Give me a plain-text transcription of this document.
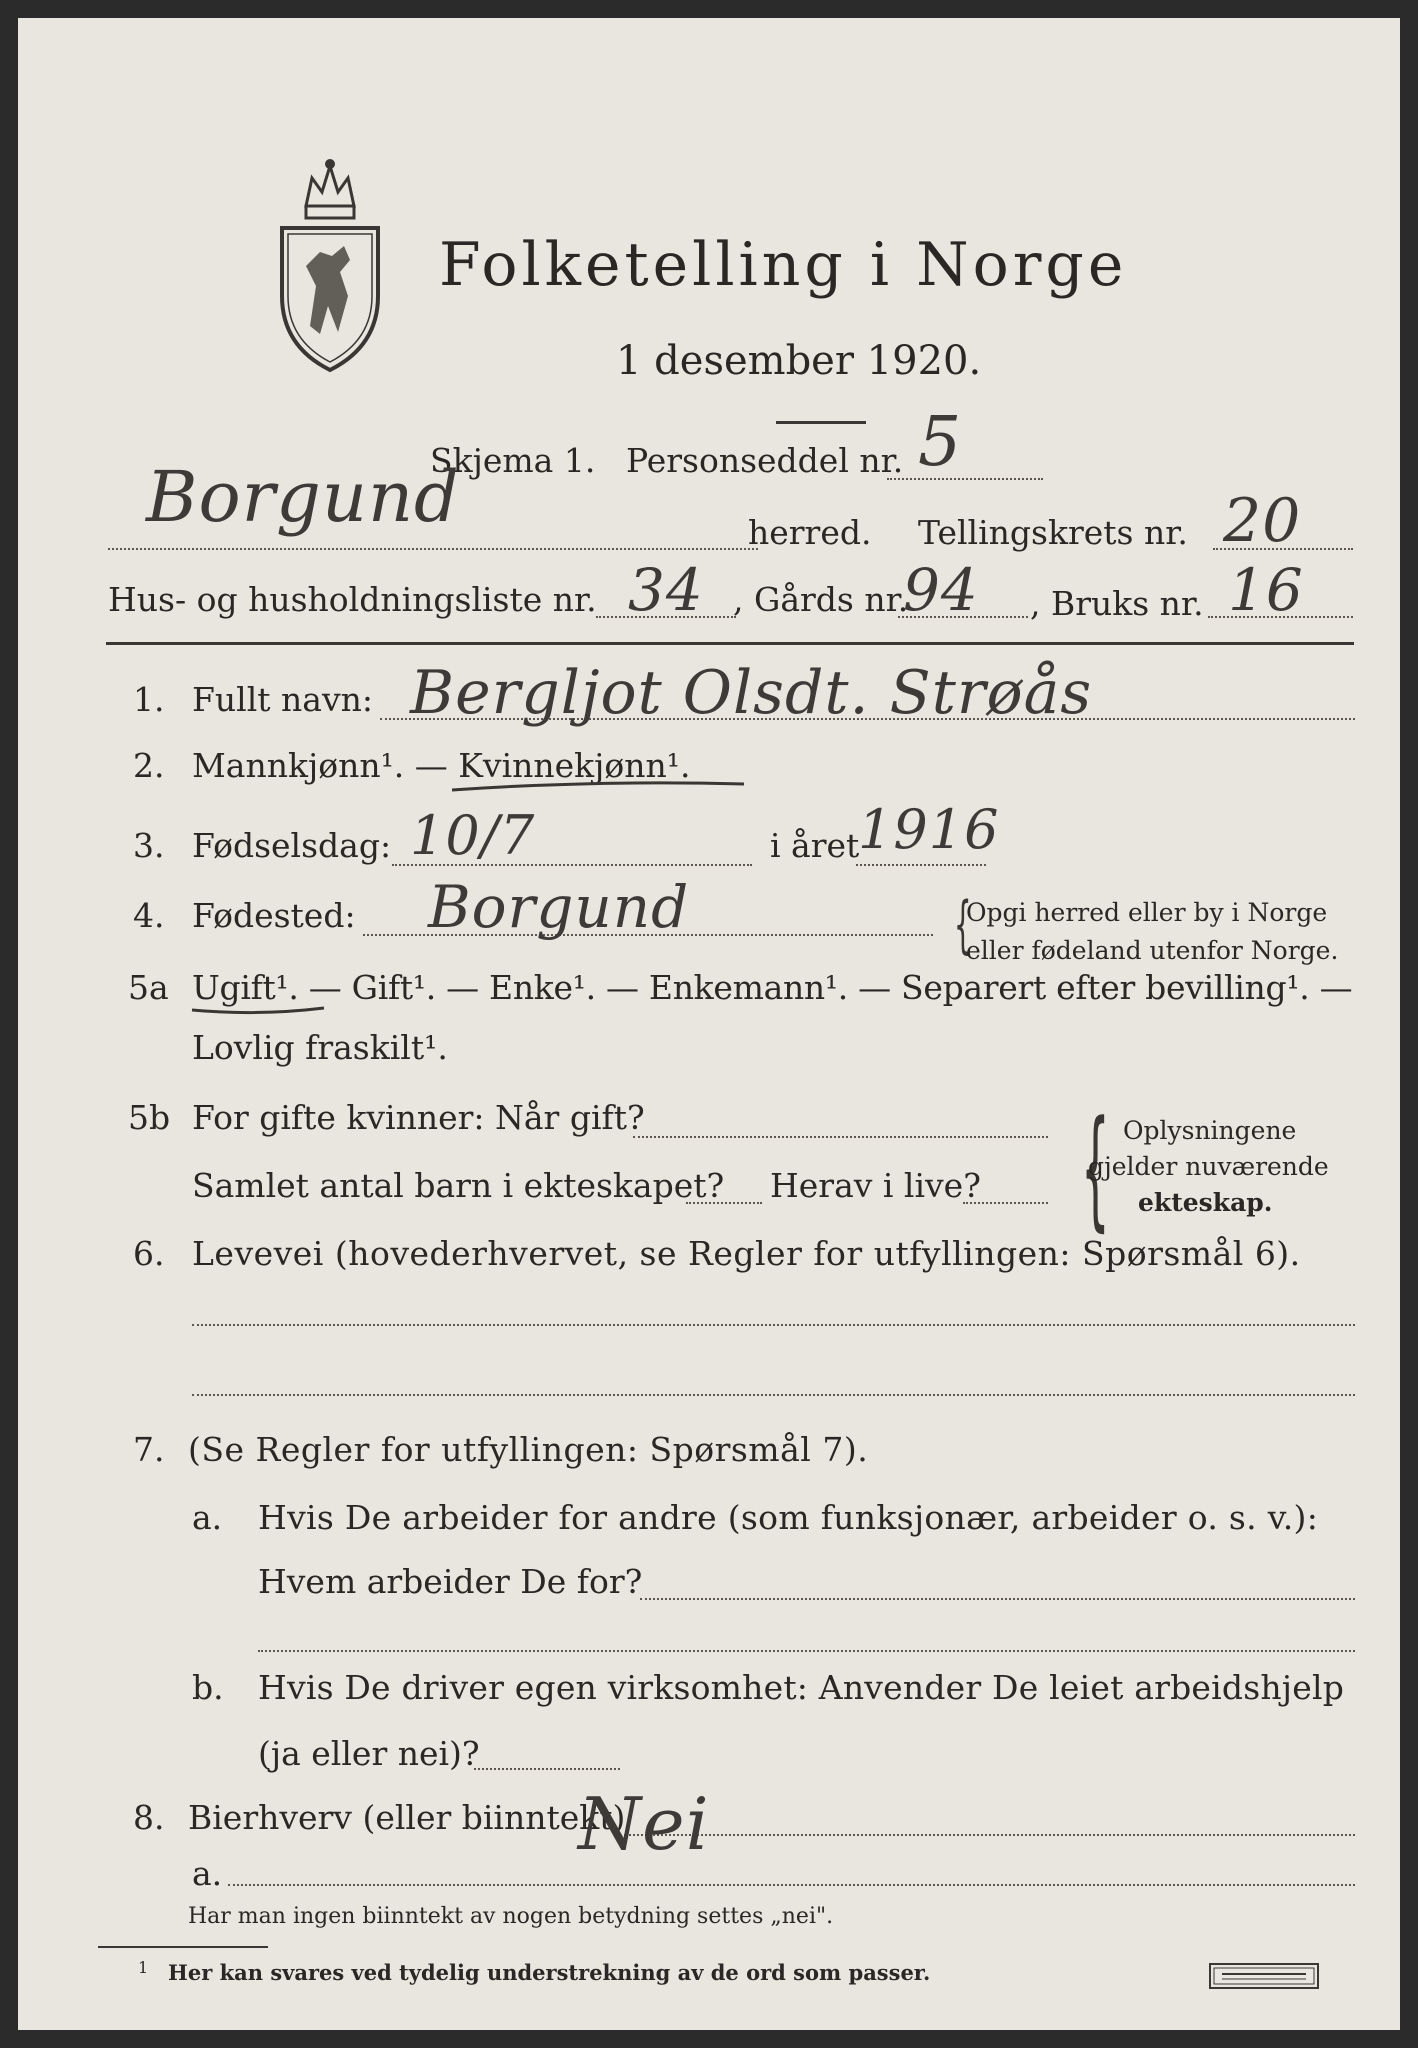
Folketelling i Norge
1 desember 1920.
Skjema 1. Personseddel nr. 5
Borgund	herred. Tellingskrets nr. 20
Hus- og husholdningsliste nr. 34 , Gårds nr.
94 , Bruks nr. 16
1. Fullt navn: Bergljot Olsdt. Strøås
2. Mannkjønn¹. — Kvinnekjønn¹.
3. Fødselsdag: 10/7	i året
1916
4. Fødested: Borgund	{
Opgi herred eller by i Norge
eller fødeland utenfor Norge.
5a Ugift¹. — Gift¹. — Enke¹. — Enkemann¹. — Separert efter bevilling¹. —
Lovlig fraskilt¹.
5b For gifte kvinner: Når gift?
Samlet antal barn i ekteskapet? Herav i live? { Oplysningene
gjelder nuværende
ekteskap.
6. Levevei (hovederhvervet, se Regler for utfyllingen: Spørsmål 6).
7. (Se Regler for utfyllingen: Spørsmål 7).
a. Hvis De arbeider for andre (som funksjonær, arbeider o. s. v.):
Hvem arbeider De for?
b. Hvis De driver egen virksomhet: Anvender De leiet arbeidshjelp
(ja eller nei)?
8. Bierhverv (eller biinntekt)
Nei
a.
Har man ingen biinntekt av nogen betydning settes „nei".
1 Her kan svares ved tydelig understrekning av de ord som passer.
